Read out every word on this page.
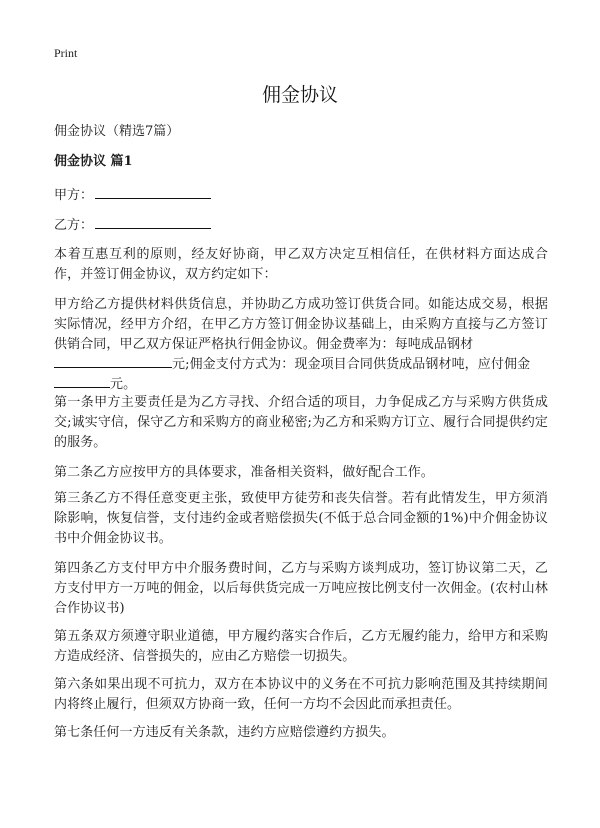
Print
佣金协议
佣金协议（精选7篇）
佣金协议 篇1
甲方：
乙方：

本着互惠互利的原则，经友好协商，甲乙双方决定互相信任，在供材料方面达成合作，并签订佣金协议，双方约定如下：

甲方给乙方提供材料供货信息，并协助乙方成功签订供货合同。如能达成交易，根据实际情况，经甲方介绍，在甲乙方方签订佣金协议基础上，由采购方直接与乙方签订供销合同，甲乙双方保证严格执行佣金协议。佣金费率为：每吨成品钢材
元;佣金支付方式为：现金项目合同供货成品钢材吨，应付佣金
元。

第一条甲方主要责任是为乙方寻找、介绍合适的项目，力争促成乙方与采购方供货成交;诚实守信，保守乙方和采购方的商业秘密;为乙方和采购方订立、履行合同提供约定的服务。

第二条乙方应按甲方的具体要求，准备相关资料，做好配合工作。

第三条乙方不得任意变更主张，致使甲方徒劳和丧失信誉。若有此情发生，甲方须消除影响，恢复信誉，支付违约金或者赔偿损失(不低于总合同金额的1%)中介佣金协议书中介佣金协议书。

第四条乙方支付甲方中介服务费时间，乙方与采购方谈判成功，签订协议第二天，乙方支付甲方一万吨的佣金，以后每供货完成一万吨应按比例支付一次佣金。(农村山林合作协议书)

第五条双方须遵守职业道德，甲方履约落实合作后，乙方无履约能力，给甲方和采购方造成经济、信誉损失的，应由乙方赔偿一切损失。

第六条如果出现不可抗力，双方在本协议中的义务在不可抗力影响范围及其持续期间内将终止履行，但须双方协商一致，任何一方均不会因此而承担责任。

第七条任何一方违反有关条款，违约方应赔偿遵约方损失。
